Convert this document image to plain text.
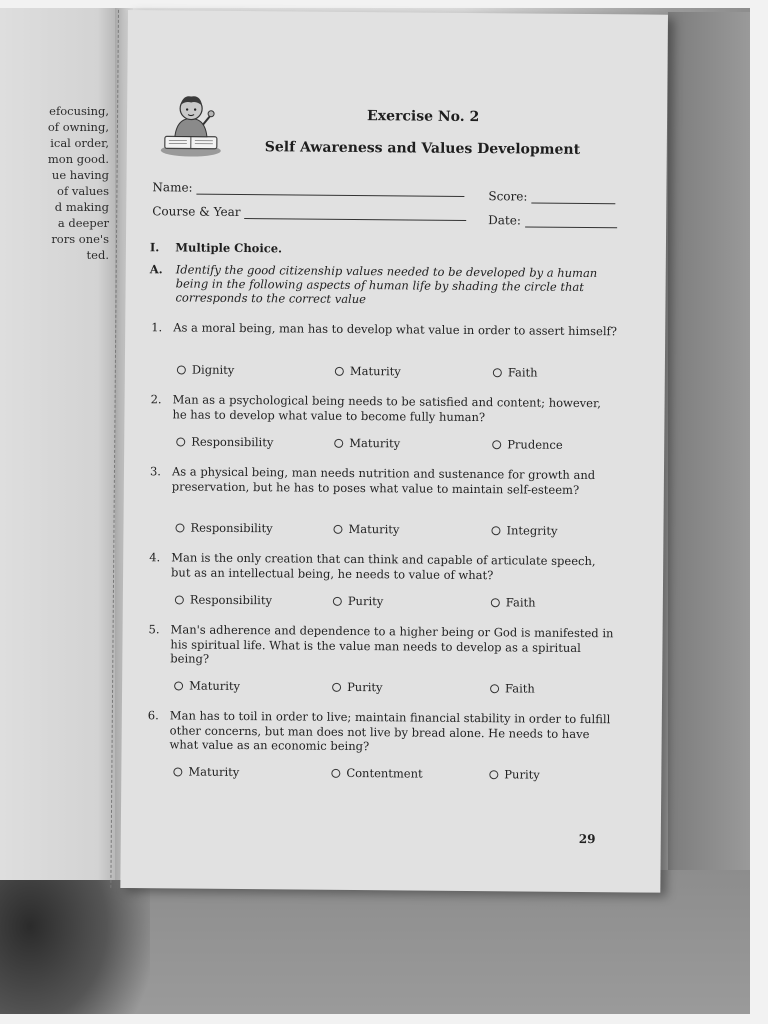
efocusing,
of owning,
ical order,
mon good.
ue having
of values
d making
a deeper
rors one's
ted.
Exercise No. 2
Self Awareness and Values Development
Name:
Score:
Course & Year
Date:
I. Multiple Choice.
A. Identify the good citizenship values needed to be developed by a human being in the following aspects of human life by shading the circle that corresponds to the correct value
1. As a moral being, man has to develop what value in order to assert himself?
Dignity	Maturity	Faith
2. Man as a psychological being needs to be satisfied and content; however, he has to develop what value to become fully human?
Responsibility	Maturity	Prudence
3. As a physical being, man needs nutrition and sustenance for growth and preservation, but he has to poses what value to maintain self-esteem?
Responsibility	Maturity	Integrity
4. Man is the only creation that can think and capable of articulate speech, but as an intellectual being, he needs to value of what?
Responsibility	Purity	Faith
5. Man's adherence and dependence to a higher being or God is manifested in his spiritual life. What is the value man needs to develop as a spiritual being?
Maturity	Purity	Faith
6. Man has to toil in order to live; maintain financial stability in order to fulfill other concerns, but man does not live by bread alone. He needs to have what value as an economic being?
Maturity	Contentment	Purity
29
